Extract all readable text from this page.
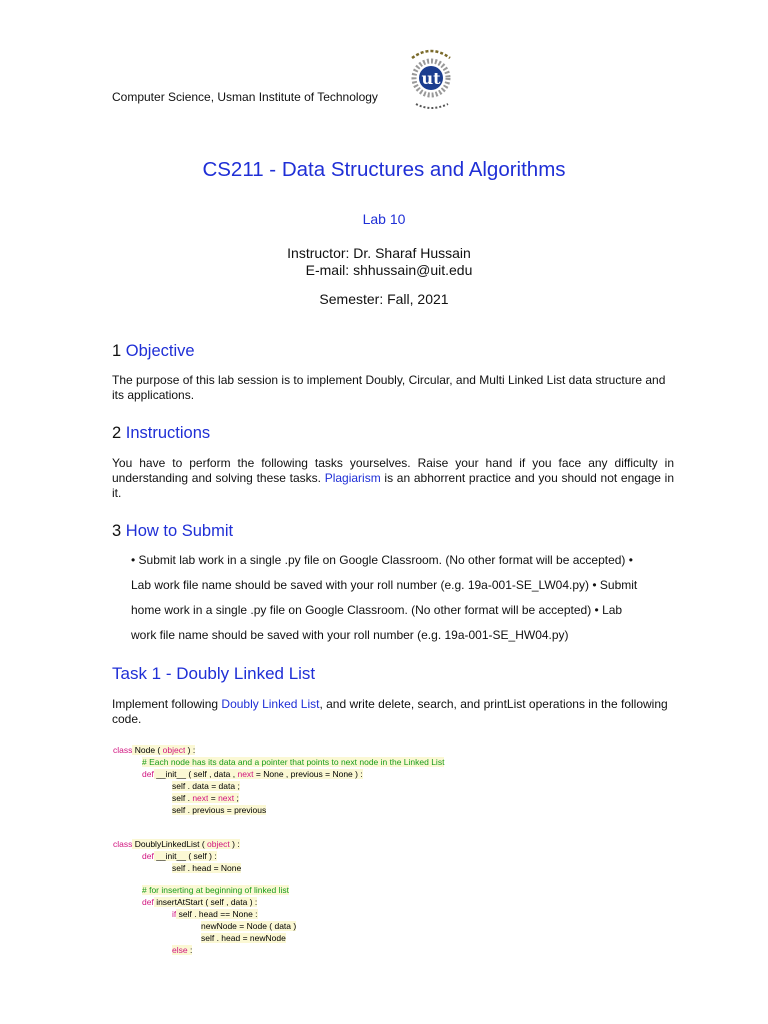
Computer Science, Usman Institute of Technology
ut
CS211 - Data Structures and Algorithms
Lab 10
Instructor: Dr. Sharaf Hussain
E-mail: shhussain@uit.edu
Semester: Fall, 2021
1 Objective
The purpose of this lab session is to implement Doubly, Circular, and Multi Linked List data structure and its applications.
2 Instructions
You have to perform the following tasks yourselves. Raise your hand if you face any difficulty in understanding and solving these tasks. Plagiarism is an abhorrent practice and you should not engage in it.
3 How to Submit
• Submit lab work in a single .py file on Google Classroom. (No other format will be accepted) •
Lab work file name should be saved with your roll number (e.g. 19a-001-SE_LW04.py) • Submit
home work in a single .py file on Google Classroom. (No other format will be accepted) • Lab
work file name should be saved with your roll number (e.g. 19a-001-SE_HW04.py)
Task 1 - Doubly Linked List
Implement following Doubly Linked List, and write delete, search, and printList operations in the following code.
class Node ( object ) :
# Each node has its data and a pointer that points to next node in the Linked List
def __init__ ( self , data , next = None , previous = None ) :
self . data = data ;
self . next = next ;
self . previous = previous
class DoublyLinkedList ( object ) :
def __init__ ( self ) :
self . head = None
# for inserting at beginning of linked list
def insertAtStart ( self , data ) :
if self . head == None :
newNode = Node ( data )
self . head = newNode
else :
